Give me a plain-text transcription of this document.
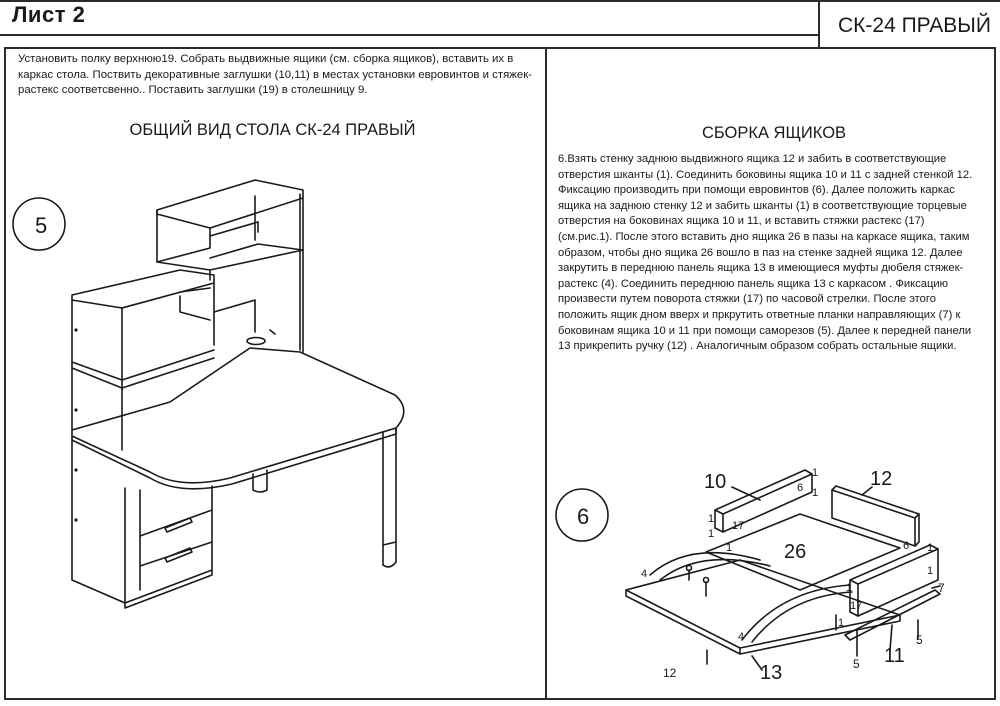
Лист 2	СК-24 ПРАВЫЙ
Установить полку верхнюю19. Собрать выдвижные ящики (см. сборка ящиков), вставить их в каркас стола. Поствить декоративные заглушки (10,11) в местах установки евровинтов и стяжек-растекс соответсвенно.. Поставить заглушки (19) в столешницу 9.
ОБЩИЙ ВИД СТОЛА СК-24 ПРАВЫЙ	СБОРКА ЯЩИКОВ
6.Взять стенку заднюю выдвижного ящика 12 и забить в соответствующие отверстия шканты (1). Соединить боковины ящика 10 и 11 с задней стенкой 12. Фиксацию производить при помощи евровинтов (6). Далее положить каркас ящика на заднюю стенку 12 и забить шканты (1) в соответствующие торцевые отверстия на боковинах ящика 10 и 11, и вставить стяжки растекс (17) (см.рис.1). После этого вставить дно ящика 26 в пазы на каркасе ящика, таким образом, чтобы дно ящика 26 вошло в паз на стенке задней ящика 12. Далее закрутить в переднюю панель ящика 13 в имеющиеся муфты дюбеля стяжек-растекс (4). Соединить переднюю панель ящика 13 с каркасом . Фиксацию произвести путем поворота стяжки (17) по часовой стрелки. После этого положить ящик дном вверх и пркрутить ответные планки направляющих (7) к боковинам ящика 10 и 11 при помощи саморезов (5). Далее к передней панели 13 прикрепить ручку (12) . Аналогичным образом собрать остальные ящики.
5
6
10	12
26
13
11
12
1
6 1
1
17
1
1	6 1
1
7
1
17
1
5
5
4
4
